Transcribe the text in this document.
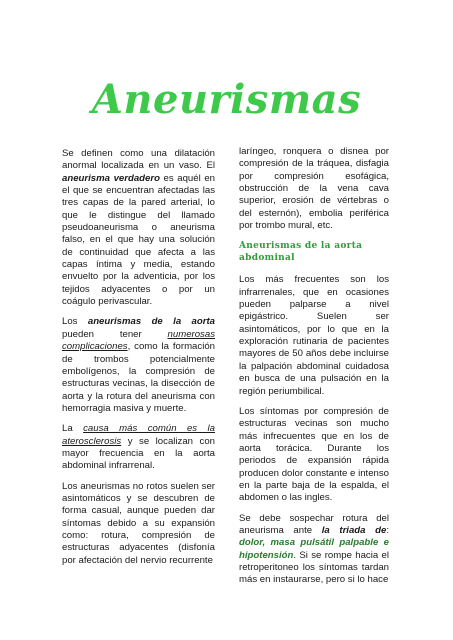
Aneurismas

Se definen como una dilatación anormal localizada en un vaso. El aneurisma verdadero es aquél en el que se encuentran afectadas las tres capas de la pared arterial, lo que le distingue del llamado pseudoaneurisma o aneurisma falso, en el que hay una solución de continuidad que afecta a las capas íntima y media, estando envuelto por la adventicia, por los tejidos adyacentes o por un coágulo perivascular.

Los aneurismas de la aorta pueden tener numerosas complicaciones, como la formación de trombos potencialmente embolígenos, la compresión de estructuras vecinas, la disección de aorta y la rotura del aneurisma con hemorragia masiva y muerte.

La causa más común es la aterosclerosis y se localizan con mayor frecuencia en la aorta abdominal infrarrenal.

Los aneurismas no rotos suelen ser asintomáticos y se descubren de forma casual, aunque pueden dar síntomas debido a su expansión como: rotura, compresión de estructuras adyacentes (disfonía por afectación del nervio recurrente

laríngeo, ronquera o disnea por compresión de la tráquea, disfagia por compresión esofágica, obstrucción de la vena cava superior, erosión de vértebras o del esternón), embolia periférica por trombo mural, etc.

Aneurismas de la aorta abdominal

Los más frecuentes son los infrarrenales, que en ocasiones pueden palparse a nivel epigástrico. Suelen ser asintomáticos, por lo que en la exploración rutinaria de pacientes mayores de 50 años debe incluirse la palpación abdominal cuidadosa en busca de una pulsación en la región periumbilical.

Los síntomas por compresión de estructuras vecinas son mucho más infrecuentes que en los de aorta torácica. Durante los periodos de expansión rápida producen dolor constante e intenso en la parte baja de la espalda, el abdomen o las ingles.

Se debe sospechar rotura del aneurisma ante la triada de: dolor, masa pulsátil palpable e hipotensión. Si se rompe hacia el retroperitoneo los síntomas tardan más en instaurarse, pero si lo hace
